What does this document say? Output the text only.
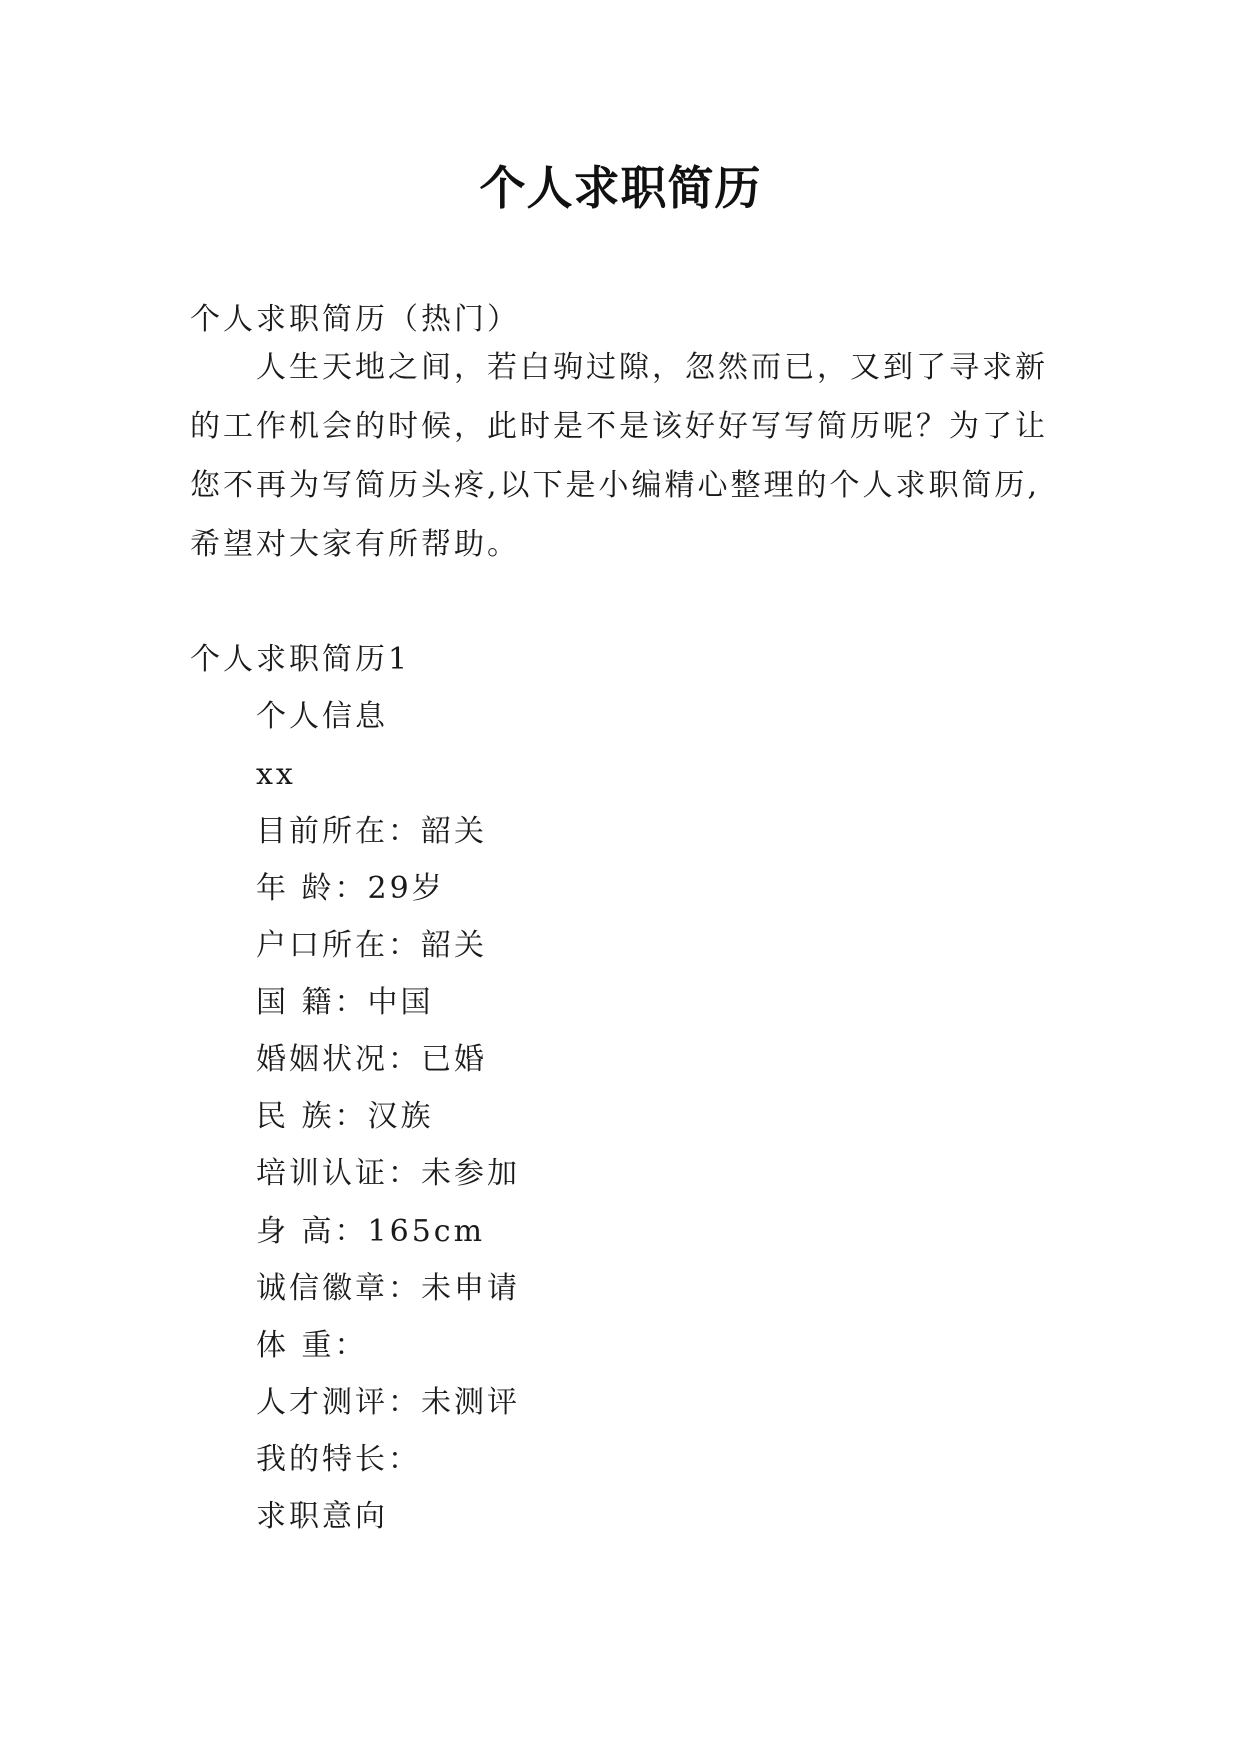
个人求职简历
个人求职简历（热门）
人生天地之间，若白驹过隙，忽然而已，又到了寻求新的工作机会的时候，此时是不是该好好写写简历呢？为了让您不再为写简历头疼,以下是小编精心整理的个人求职简历,希望对大家有所帮助。
个人求职简历1
个人信息
xx
目前所在：韶关
年 龄：29岁
户口所在：韶关
国 籍：中国
婚姻状况：已婚
民 族：汉族
培训认证：未参加
身 高：165cm
诚信徽章：未申请
体 重：
人才测评：未测评
我的特长：
求职意向
